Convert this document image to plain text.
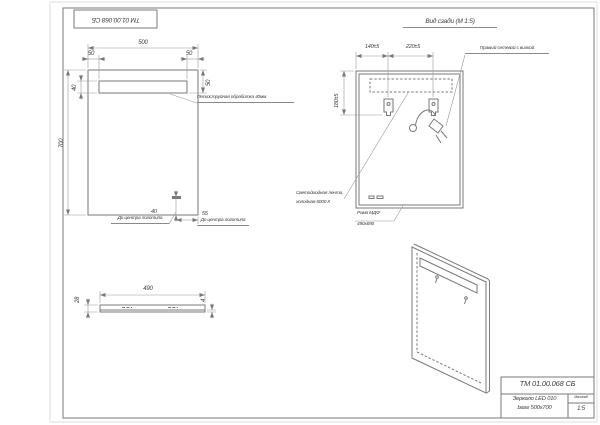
ТМ 01.00.068 СБ
500
50	50
40
50
700
40	55
Пескоструйная обработка 40мм
До центра логотипа	До центра логотипа
Вид сзади (М 1:5)
140±5	220±5
180±5
Правый сетевой с вилкой
Светодиодная лента,
холодная 6000 К
Рама МДФ
490х690
490
28	4
ТМ 01.00.068 СБ
Зеркало LED 010
base 500х700
Масштаб
1:5
